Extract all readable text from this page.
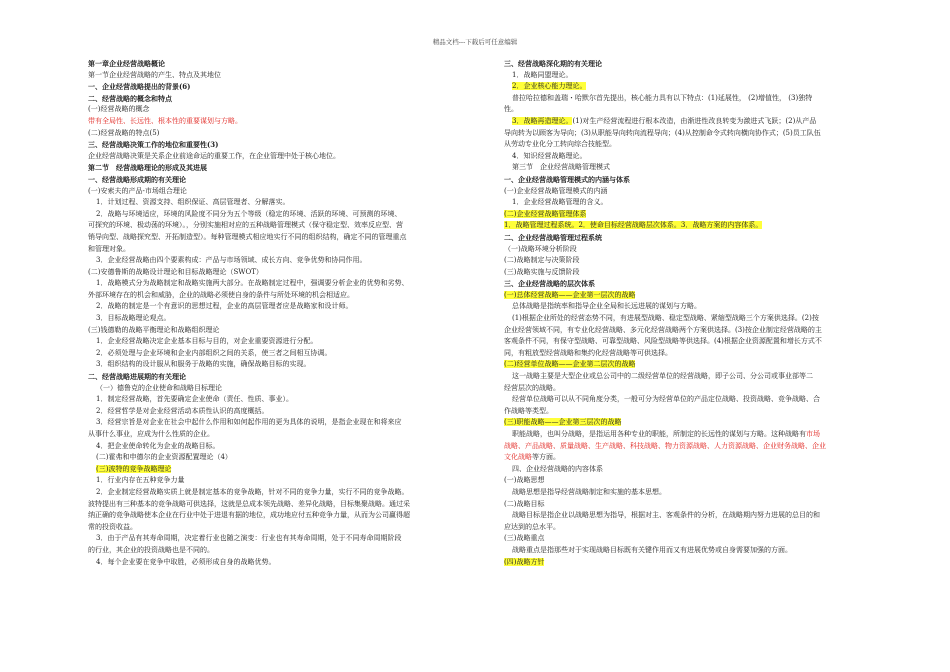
精品文档---下载后可任意编辑

第一章企业经营战略概论

第一节企业经营战略的产生、特点及其地位

一、企业经营战略提出的背景(6)

二、经营战略的概念和特点

(一)经营战略的概念

带有全局性、长远性、根本性的重要谋划与方略。

(二)经营战略的特点(5)

三、经营战略决策工作的地位和重要性(3)

企业经营战略决策是关系企业前途命运的重要工作，在企业管理中处于核心地位。

第二节　经营战略理论的形成及其进展

一、经营战略形成期的有关理论

(一)安索夫的产品-市场组合理论

1．计划过程、资源支持、组织保证、高层管理者、分解落实。

2．战略与环境适应，环境的风险度不同分为五个等级（稳定的环境、活跃的环境、可预测的环境、

可探究的环境、极动荡的环境）。，分别实施相对应的五种战略管理模式（保守稳定型、效率反应型、营

销导向型、战略探究型、开拓制造型）。每种管理模式相应地实行不同的组织结构，确定不同的管理重点

和管理对象。

3．企业经营战略由四个要素构成：产品与市场领域、成长方向、竞争优势和协同作用。

(二)安德鲁斯的战略设计理论和目标战略理论（SWOT）

1．战略模式分为战略制定和战略实施两大部分。在战略制定过程中，强调要分析企业的优势和劣势、

外部环境存在的机会和威胁，企业的战略必须使自身的条件与所处环境的机会相适应。

2．战略的制定是一个有意识的思想过程，企业的高层管理者应是战略家和设计师。

3．目标战略理论观点。

(三)钱德勒的战略平衡理论和战略组织理论

1．企业经营战略决定企业基本目标与目的，对企业重要资源进行分配。

2．必须处理与企业环境和企业内部组织之间的关系，使三者之间相互协调。

3．组织结构的设计服从和服务于战略的实施，确保战略目标的实现。

二、经营战略进展期的有关理论

（一）德鲁克的企业使命和战略目标理论

1．制定经营战略，首先要确定企业使命（责任、性质、事业）。

2．经营哲学是对企业经营活动本质性认识的高度概括。

3．经营宗旨是对企业在社会中起什么作用和如何起作用的更为具体的说明，是指企业现在和将来应

从事什么事业，应成为什么性质的企业。

4．把企业使命转化为企业的战略目标。

(二)霍弗和申德尔的企业资源配置理论（4）

(三)波特的竞争战略理论

1．行业内存在五种竞争力量

2．企业制定经营战略实质上就是制定基本的竞争战略，针对不同的竞争力量，实行不同的竞争战略。

波特提出有三种基本的竞争战略可供选择，这就是总成本领先战略、差异化战略，目标集聚战略。通过采

纳正确的竞争战略使本企业在行业中处于进退有据的地位，成功地应付五种竞争力量，从而为公司赢得超

常的投资收益。

3．由于产品有其寿命周期，决定着行业也随之演变：行业也有其寿命周期，处于不同寿命周期阶段

的行业，其企业的投资战略也是不同的。

4．每个企业要在竞争中取胜，必须形成自身的战略优势。

三、经营战略深化期的有关理论

1．战略同盟理论。

2．企业核心能力理论。

普拉哈拉德和盖瑞・哈默尔首先提出，核心能力具有以下特点：(1)延展性， (2)增值性， (3)独特

性。

3．战略再造理论。(1)对生产经营流程进行根本改造，由渐进性改良转变为激进式飞跃；(2)从产品

导向转为以顾客为导向；(3)从职能导向转向流程导向；(4)从控制命令式转向横向协作式；(5)员工队伍

从劳动专业化分工转向综合技能型。

4．知识经营战略理论。

第三节　企业经营战略管理模式

一、企业经营战略管理模式的内涵与体系

(一)企业经营战略管理模式的内涵

1．企业经营战略管理的含义。

(二)企业经营战略管理体系

1．战略管理过程系统。2．使命目标经营战略层次体系。3．战略方案的内容体系。

二、企业经营战略管理过程系统

（一)战略环境分析阶段

(二)战略制定与决策阶段

(三)战略实施与反馈阶段

三、企业经营战略的层次体系

(一)总体经营战略——企业第一层次的战略

总体战略是指统率和指导企业全局和长远进展的谋划与方略。

(1)根据企业所处的经营态势不同，有进展型战略、稳定型战略、紧缩型战略三个方案供选择。(2)按

企业经营领域不同，有专业化经营战略、多元化经营战略两个方案供选择。(3)按企业制定经营战略的主

客观条件不同，有保守型战略、可靠型战略、风险型战略等供选择。(4)根据企业资源配置和增长方式不

同，有粗放型经营战略和集约化经营战略等可供选择。

(二)经营单位战略——企业第二层次的战略

这一战略主要是大型企业或总公司中的二级经营单位的经营战略，即子公司、分公司或事业部等二

经营层次的战略。

经营单位战略可以从不同角度分类，一般可分为经营单位的产品定位战略、投资战略、竞争战略、合

作战略等类型。

(三)职能战略——企业第三层次的战略

职能战略，也叫分战略，是指运用各种专业的职能，所制定的长远性的谋划与方略。这种战略有市场

战略、产品战略、质量战略、生产战略、科技战略、物力资源战略、人力资源战略、企业财务战略、企业

文化战略等方面。

四、企业经营战略的内容体系

(一)战略思想

战略思想是指导经营战略制定和实施的基本思想。

(二)战略目标

战略目标是指企业以战略思想为指导，根据对主、客观条件的分析，在战略期内努力进展的总目的和

应达到的总水平。

(三)战略重点

战略重点是指那些对于实现战略目标既有关键作用而又有进展优势或自身需要加强的方面。

(四)战略方针
